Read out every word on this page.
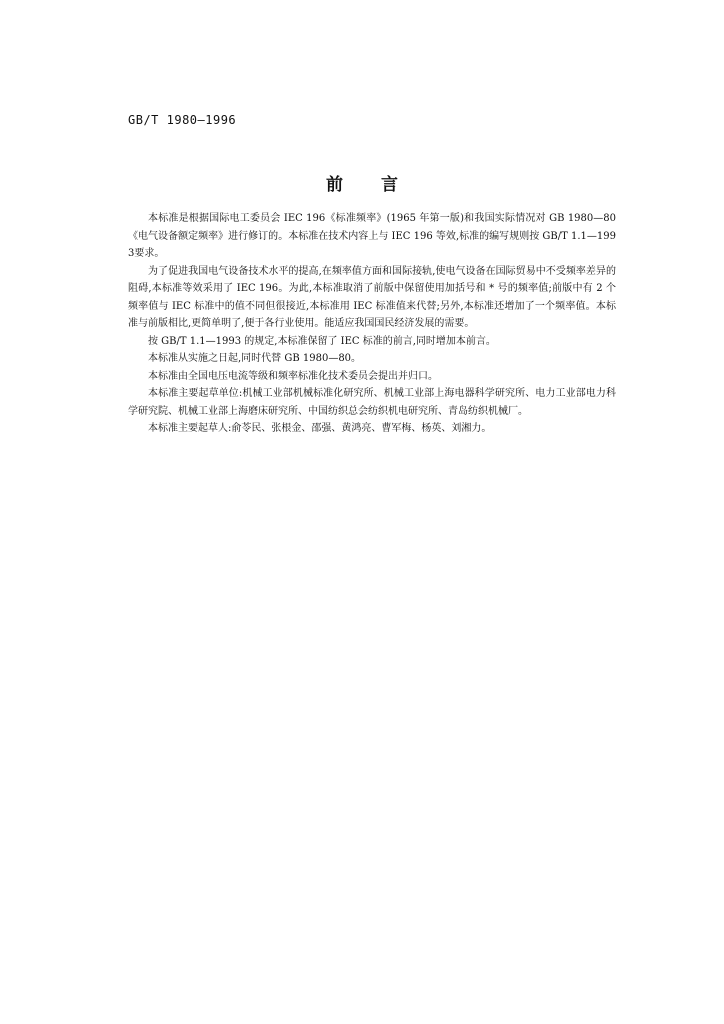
GB/T 1980—1996
前言

本标准是根据国际电工委员会 IEC 196《标准频率》(1965 年第一版)和我国实际情况对 GB 1980—80《电气设备额定频率》进行修订的。本标准在技术内容上与 IEC 196 等效,标准的编写规则按 GB/T 1.1—1993要求。

为了促进我国电气设备技术水平的提高,在频率值方面和国际接轨,使电气设备在国际贸易中不受频率差异的阻碍,本标准等效采用了 IEC 196。为此,本标准取消了前版中保留使用加括号和 * 号的频率值;前版中有 2 个频率值与 IEC 标准中的值不同但很接近,本标准用 IEC 标准值来代替;另外,本标准还增加了一个频率值。本标准与前版相比,更简单明了,便于各行业使用。能适应我国国民经济发展的需要。

按 GB/T 1.1—1993 的规定,本标准保留了 IEC 标准的前言,同时增加本前言。

本标准从实施之日起,同时代替 GB 1980—80。

本标准由全国电压电流等级和频率标准化技术委员会提出并归口。

本标准主要起草单位:机械工业部机械标准化研究所、机械工业部上海电器科学研究所、电力工业部电力科学研究院、机械工业部上海磨床研究所、中国纺织总会纺织机电研究所、青岛纺织机械厂。

本标准主要起草人:俞苓民、张根金、邵强、黄鸿亮、曹军梅、杨英、刘湘力。
